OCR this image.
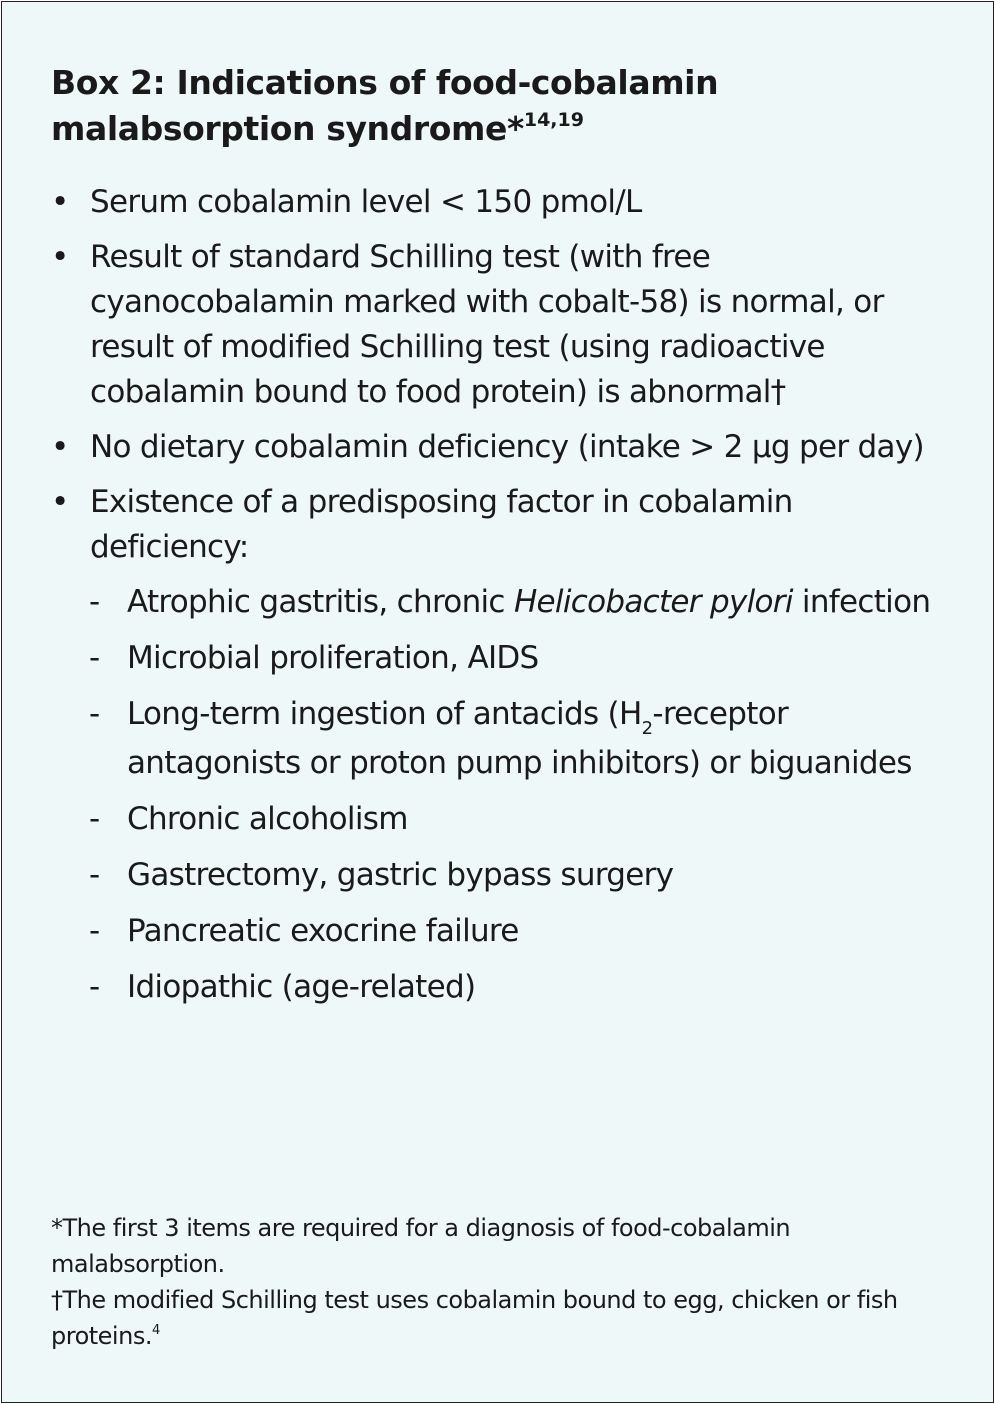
Box 2: Indications of food-cobalamin
malabsorption syndrome*$^{14,19}$
• Serum cobalamin level < 150 pmol/L
• Result of standard Schilling test (with free cyanocobalamin marked with cobalt-58) is normal, or result of modified Schilling test (using radioactive cobalamin bound to food protein) is abnormal†
• No dietary cobalamin deficiency (intake > 2 μg per day)
• Existence of a predisposing factor in cobalamin deficiency:
- Atrophic gastritis, chronic Helicobacter pylori infection
- Microbial proliferation, AIDS
- Long-term ingestion of antacids ($H_2$-receptor antagonists or proton pump inhibitors) or biguanides
- Chronic alcoholism
- Gastrectomy, gastric bypass surgery
- Pancreatic exocrine failure
- Idiopathic (age-related)

*The first 3 items are required for a diagnosis of food-cobalamin malabsorption.

†The modified Schilling test uses cobalamin bound to egg, chicken or fish proteins.$^4$
